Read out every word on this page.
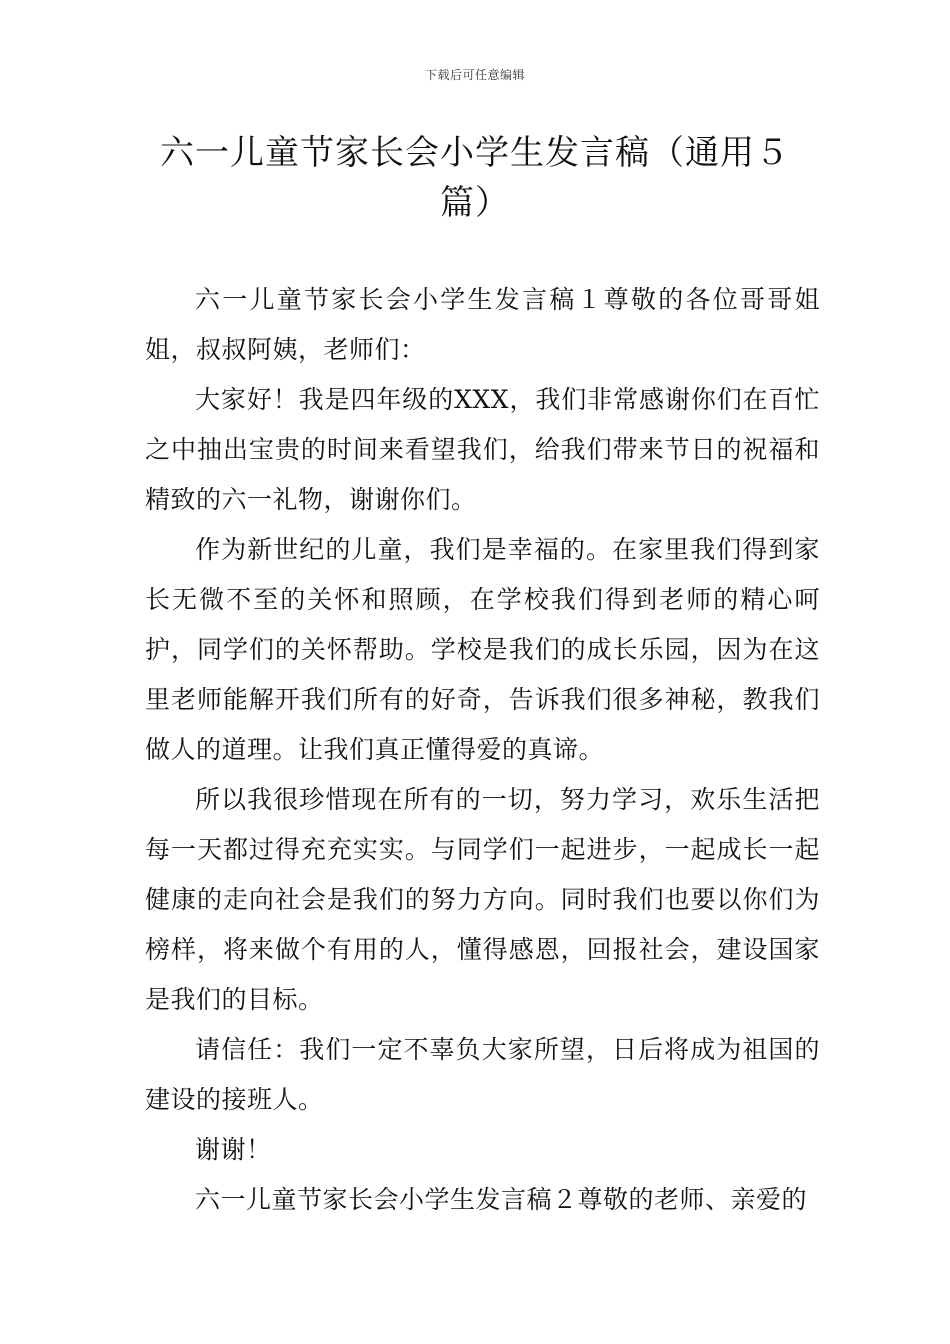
下载后可任意编辑
六一儿童节家长会小学生发言稿（通用５篇）

六一儿童节家长会小学生发言稿１尊敬的各位哥哥姐姐，叔叔阿姨，老师们：

大家好！我是四年级的XXX，我们非常感谢你们在百忙之中抽出宝贵的时间来看望我们，给我们带来节日的祝福和精致的六一礼物，谢谢你们。

作为新世纪的儿童，我们是幸福的。在家里我们得到家长无微不至的关怀和照顾，在学校我们得到老师的精心呵护，同学们的关怀帮助。学校是我们的成长乐园，因为在这里老师能解开我们所有的好奇，告诉我们很多神秘，教我们做人的道理。让我们真正懂得爱的真谛。

所以我很珍惜现在所有的一切，努力学习，欢乐生活把每一天都过得充充实实。与同学们一起进步，一起成长一起健康的走向社会是我们的努力方向。同时我们也要以你们为榜样，将来做个有用的人，懂得感恩，回报社会，建设国家是我们的目标。

请信任：我们一定不辜负大家所望，日后将成为祖国的建设的接班人。

谢谢！

六一儿童节家长会小学生发言稿２尊敬的老师、亲爱的
